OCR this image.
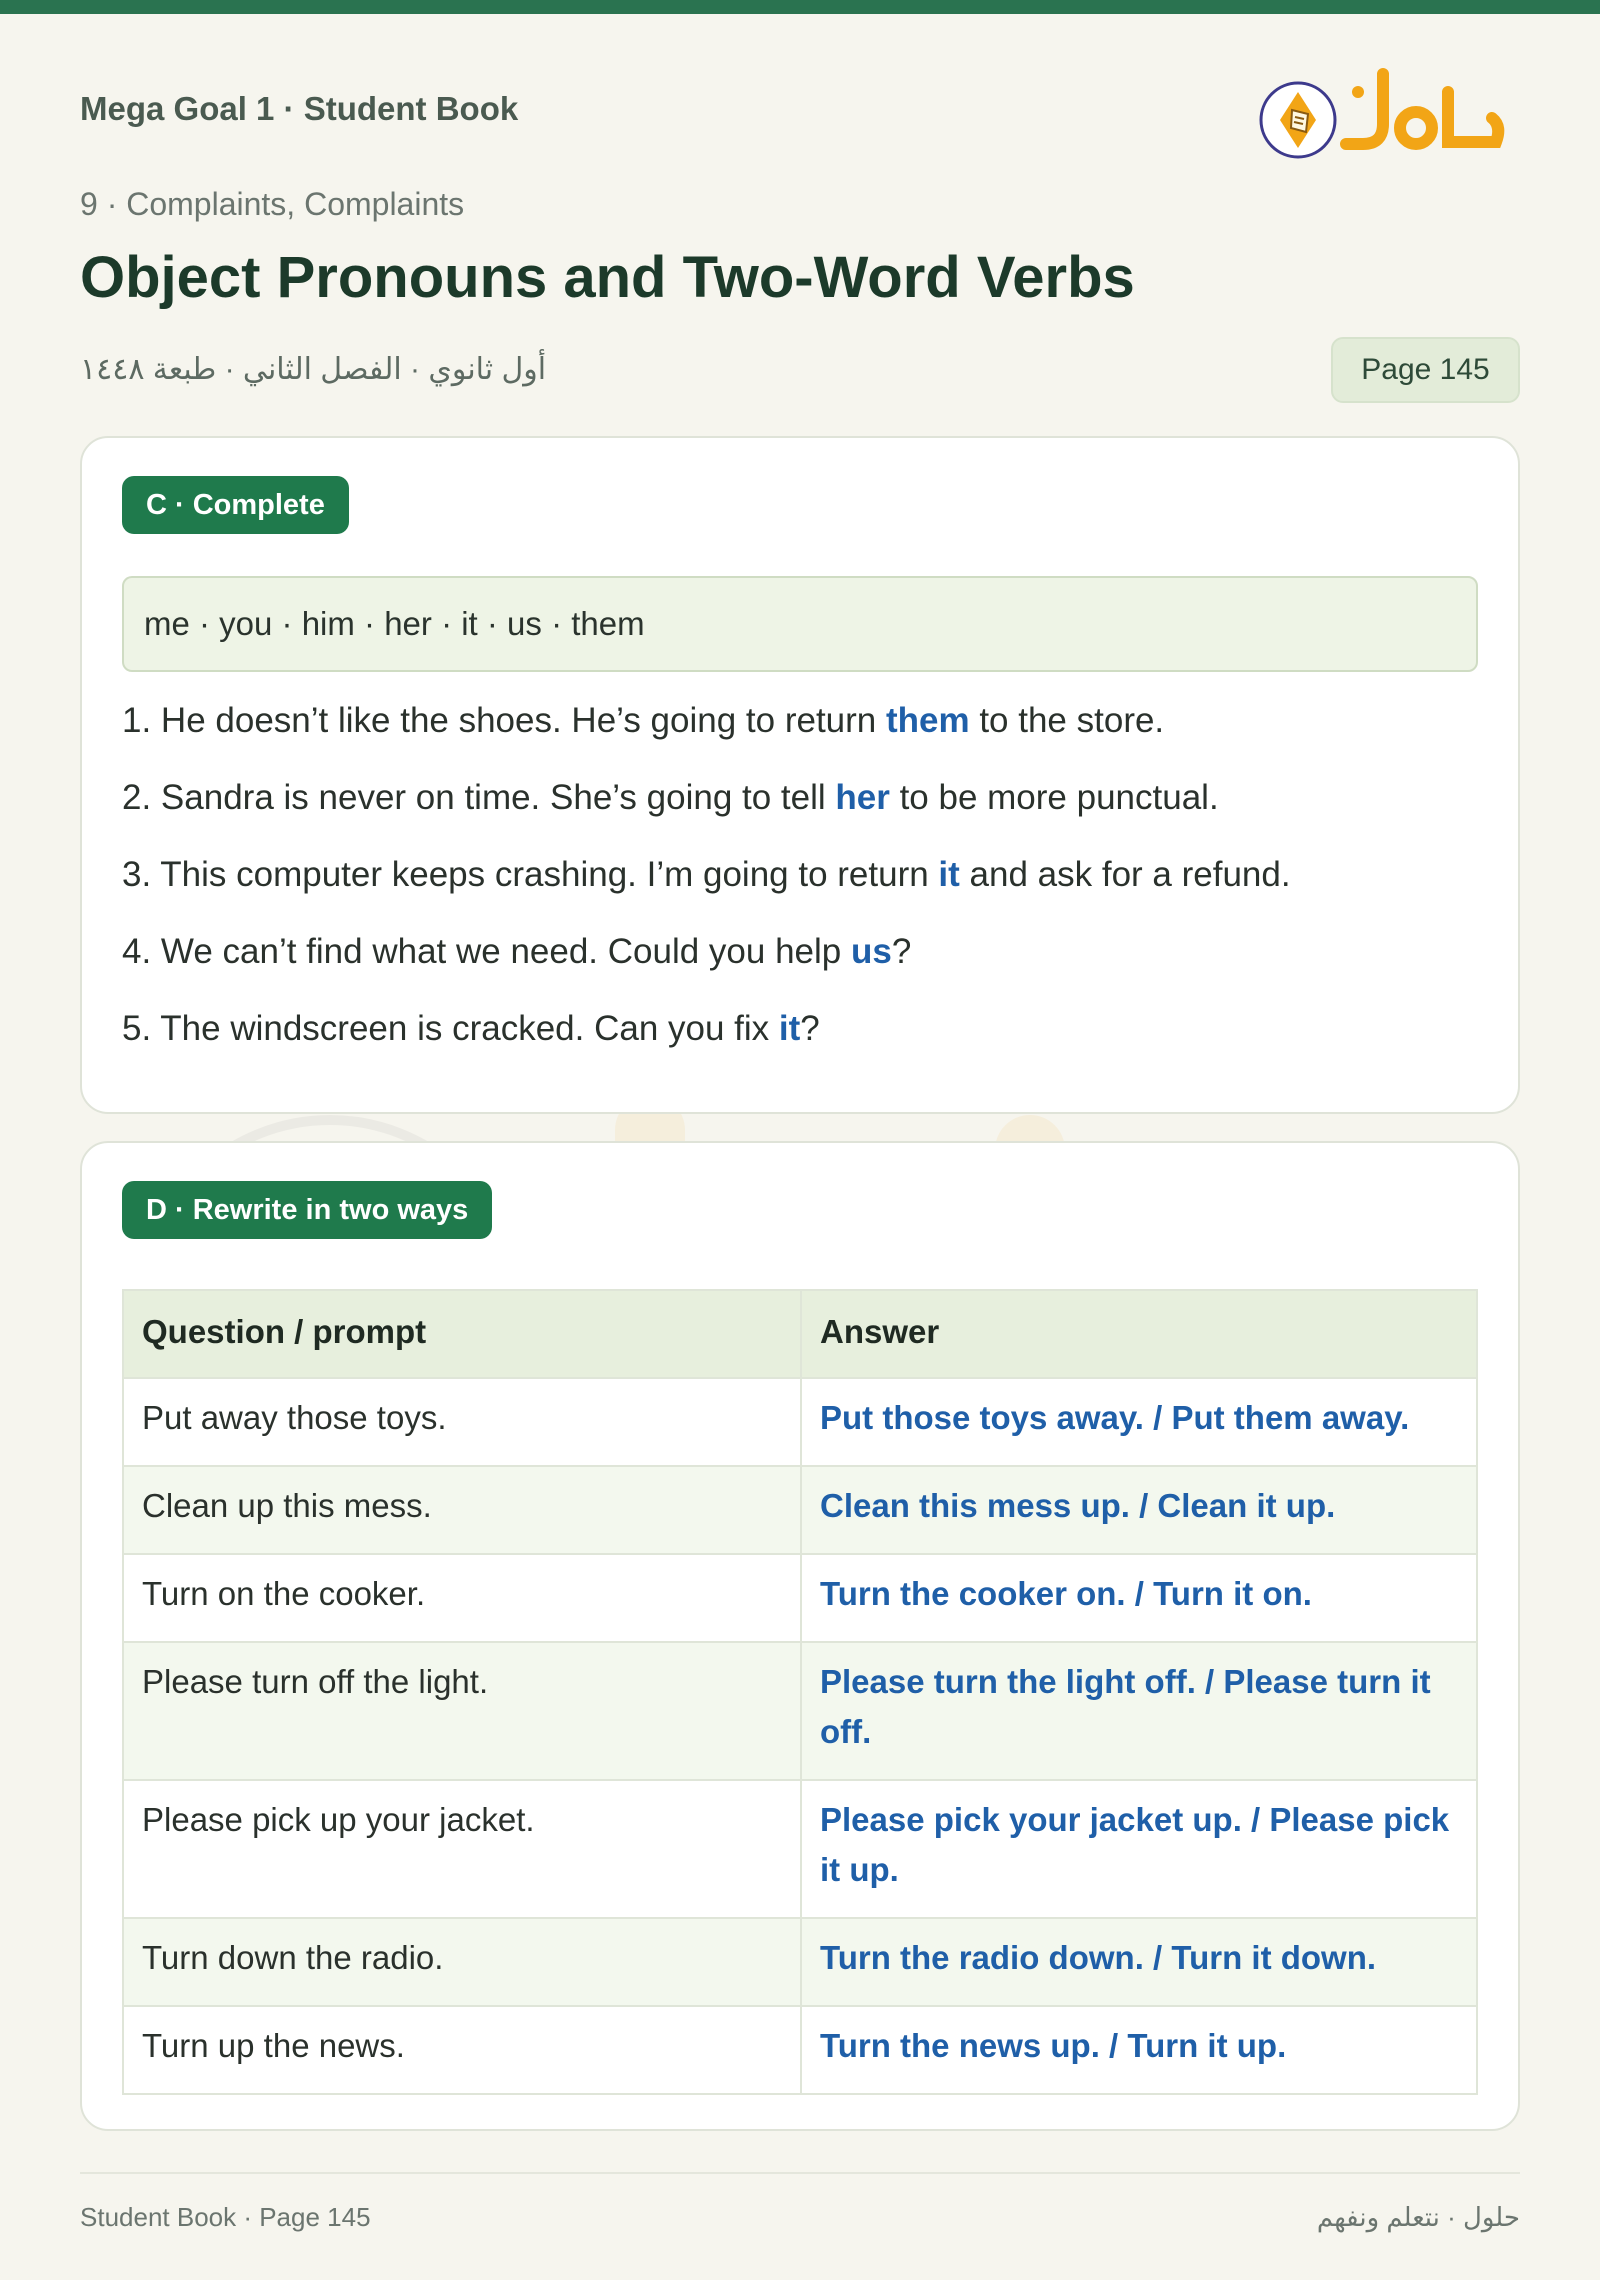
Mega Goal 1 · Student Book
9 · Complaints, Complaints
Object Pronouns and Two-Word Verbs
أول ثانوي · الفصل الثاني · طبعة ١٤٤٨	Page 145
C · Complete
me · you · him · her · it · us · them
1. He doesn’t like the shoes. He’s going to return them to the store.
2. Sandra is never on time. She’s going to tell her to be more punctual.
3. This computer keeps crashing. I’m going to return it and ask for a refund.
4. We can’t find what we need. Could you help us?
5. The windscreen is cracked. Can you fix it?
D · Rewrite in two ways
Question / prompt	Answer
Put away those toys.	Put those toys away. / Put them away.
Clean up this mess.	Clean this mess up. / Clean it up.
Turn on the cooker.	Turn the cooker on. / Turn it on.
Please turn off the light.	Please turn the light off. / Please turn it off.
Please pick up your jacket.	Please pick your jacket up. / Please pick it up.
Turn down the radio.	Turn the radio down. / Turn it down.
Turn up the news.	Turn the news up. / Turn it up.
Student Book · Page 145	حلول · نتعلم ونفهم
